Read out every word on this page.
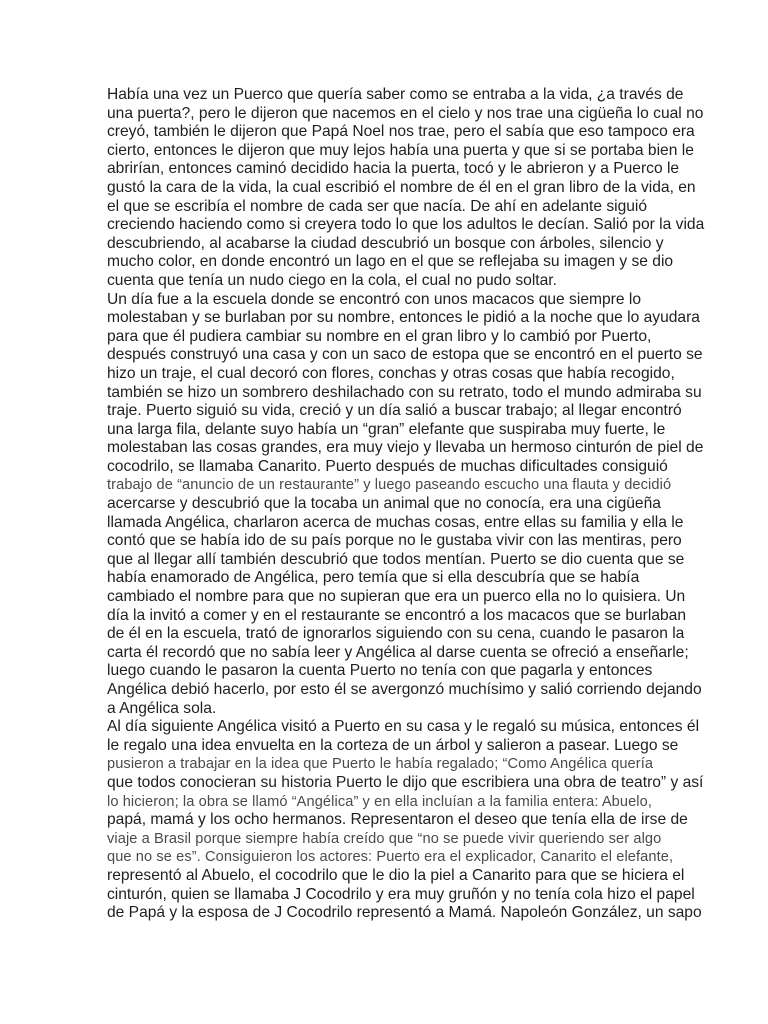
Había una vez un Puerco que quería saber como se entraba a la vida, ¿a través de
una puerta?, pero le dijeron que nacemos en el cielo y nos trae una cigüeña lo cual no
creyó, también le dijeron que Papá Noel nos trae, pero el sabía que eso tampoco era
cierto, entonces le dijeron que muy lejos había una puerta y que si se portaba bien le
abrirían, entonces caminó decidido hacia la puerta, tocó y le abrieron y a Puerco le
gustó la cara de la vida, la cual escribió el nombre de él en el gran libro de la vida, en
el que se escribía el nombre de cada ser que nacía. De ahí en adelante siguió
creciendo haciendo como si creyera todo lo que los adultos le decían. Salió por la vida
descubriendo, al acabarse la ciudad descubrió un bosque con árboles, silencio y
mucho color, en donde encontró un lago en el que se reflejaba su imagen y se dio
cuenta que tenía un nudo ciego en la cola, el cual no pudo soltar.
Un día fue a la escuela donde se encontró con unos macacos que siempre lo
molestaban y se burlaban por su nombre, entonces le pidió a la noche que lo ayudara
para que él pudiera cambiar su nombre en el gran libro y lo cambió por Puerto,
después construyó una casa y con un saco de estopa que se encontró en el puerto se
hizo un traje, el cual decoró con flores, conchas y otras cosas que había recogido,
también se hizo un sombrero deshilachado con su retrato, todo el mundo admiraba su
traje. Puerto siguió su vida, creció y un día salió a buscar trabajo; al llegar encontró
una larga fila, delante suyo había un “gran” elefante que suspiraba muy fuerte, le
molestaban las cosas grandes, era muy viejo y llevaba un hermoso cinturón de piel de
cocodrilo, se llamaba Canarito. Puerto después de muchas dificultades consiguió
trabajo de “anuncio de un restaurante” y luego paseando escucho una flauta y decidió
acercarse y descubrió que la tocaba un animal que no conocía, era una cigüeña
llamada Angélica, charlaron acerca de muchas cosas, entre ellas su familia y ella le
contó que se había ido de su país porque no le gustaba vivir con las mentiras, pero
que al llegar allí también descubrió que todos mentían. Puerto se dio cuenta que se
había enamorado de Angélica, pero temía que si ella descubría que se había
cambiado el nombre para que no supieran que era un puerco ella no lo quisiera. Un
día la invitó a comer y en el restaurante se encontró a los macacos que se burlaban
de él en la escuela, trató de ignorarlos siguiendo con su cena, cuando le pasaron la
carta él recordó que no sabía leer y Angélica al darse cuenta se ofreció a enseñarle;
luego cuando le pasaron la cuenta Puerto no tenía con que pagarla y entonces
Angélica debió hacerlo, por esto él se avergonzó muchísimo y salió corriendo dejando
a Angélica sola.
Al día siguiente Angélica visitó a Puerto en su casa y le regaló su música, entonces él
le regalo una idea envuelta en la corteza de un árbol y salieron a pasear. Luego se
pusieron a trabajar en la idea que Puerto le había regalado; “Como Angélica quería
que todos conocieran su historia Puerto le dijo que escribiera una obra de teatro” y así
lo hicieron; la obra se llamó “Angélica” y en ella incluían a la familia entera: Abuelo,
papá, mamá y los ocho hermanos. Representaron el deseo que tenía ella de irse de
viaje a Brasil porque siempre había creído que “no se puede vivir queriendo ser algo
que no se es”. Consiguieron los actores: Puerto era el explicador, Canarito el elefante,
representó al Abuelo, el cocodrilo que le dio la piel a Canarito para que se hiciera el
cinturón, quien se llamaba J Cocodrilo y era muy gruñón y no tenía cola hizo el papel
de Papá y la esposa de J Cocodrilo representó a Mamá. Napoleón González, un sapo
